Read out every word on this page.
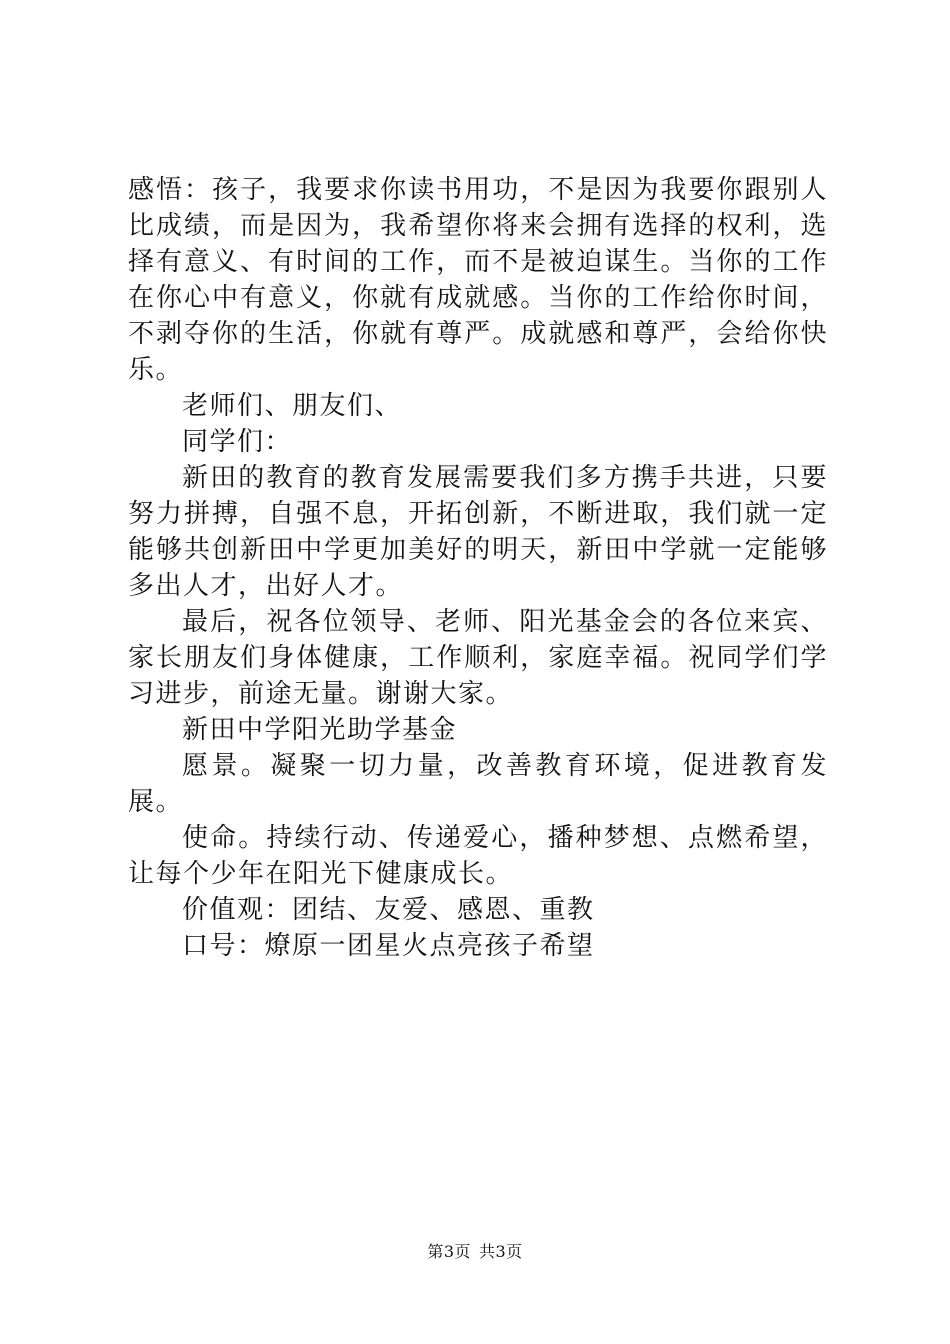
感悟：孩子，我要求你读书用功，不是因为我要你跟别人比成绩，而是因为，我希望你将来会拥有选择的权利，选择有意义、有时间的工作，而不是被迫谋生。当你的工作在你心中有意义，你就有成就感。当你的工作给你时间，不剥夺你的生活，你就有尊严。成就感和尊严，会给你快乐。

老师们、朋友们、

同学们：

新田的教育的教育发展需要我们多方携手共进，只要努力拼搏，自强不息，开拓创新，不断进取，我们就一定能够共创新田中学更加美好的明天，新田中学就一定能够多出人才，出好人才。

最后，祝各位领导、老师、阳光基金会的各位来宾、家长朋友们身体健康，工作顺利，家庭幸福。祝同学们学习进步，前途无量。谢谢大家。

新田中学阳光助学基金

愿景。凝聚一切力量，改善教育环境，促进教育发展。

使命。持续行动、传递爱心，播种梦想、点燃希望，让每个少年在阳光下健康成长。

价值观：团结、友爱、感恩、重教

口号：燎原一团星火点亮孩子希望

第3页 共3页
